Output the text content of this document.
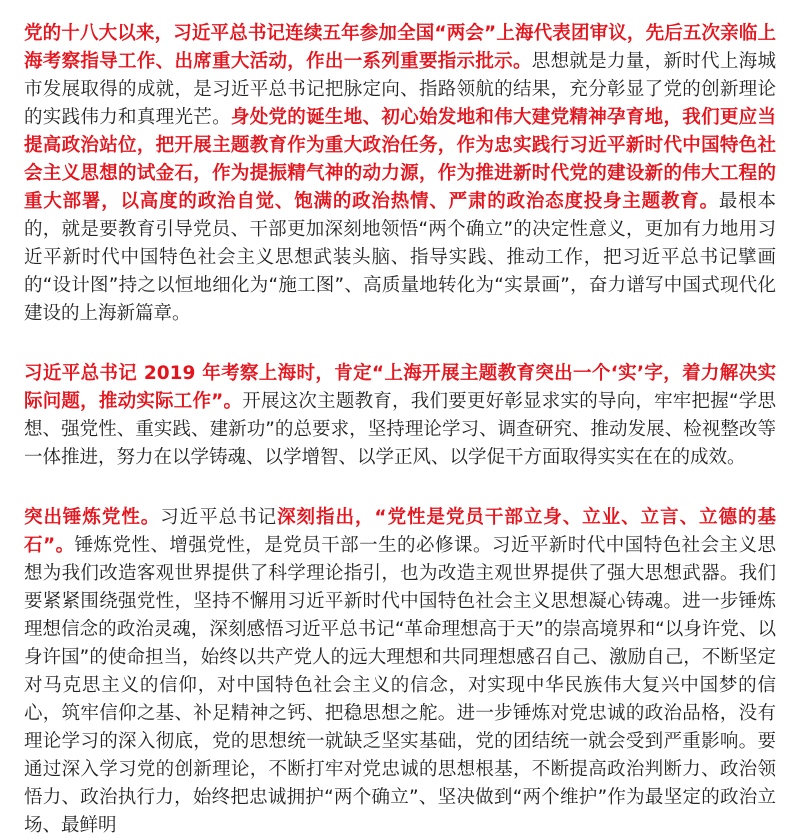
党的十八大以来，习近平总书记连续五年参加全国“两会”上海代表团审议，先后五次亲临上海考察指导工作、出席重大活动，作出一系列重要指示批示。思想就是力量，新时代上海城市发展取得的成就，是习近平总书记把脉定向、指路领航的结果，充分彰显了党的创新理论的实践伟力和真理光芒。身处党的诞生地、初心始发地和伟大建党精神孕育地，我们更应当提高政治站位，把开展主题教育作为重大政治任务，作为忠实践行习近平新时代中国特色社会主义思想的试金石，作为提振精气神的动力源，作为推进新时代党的建设新的伟大工程的重大部署，以高度的政治自觉、饱满的政治热情、严肃的政治态度投身主题教育。最根本的，就是要教育引导党员、干部更加深刻地领悟“两个确立”的决定性意义，更加有力地用习近平新时代中国特色社会主义思想武装头脑、指导实践、推动工作，把习近平总书记擘画的“设计图”持之以恒地细化为“施工图”、高质量地转化为“实景画”，奋力谱写中国式现代化建设的上海新篇章。

习近平总书记 2019 年考察上海时，肯定“上海开展主题教育突出一个‘实’字，着力解决实际问题，推动实际工作”。开展这次主题教育，我们要更好彰显求实的导向，牢牢把握“学思想、强党性、重实践、建新功”的总要求，坚持理论学习、调查研究、推动发展、检视整改等一体推进，努力在以学铸魂、以学增智、以学正风、以学促干方面取得实实在在的成效。

突出锤炼党性。习近平总书记深刻指出，“党性是党员干部立身、立业、立言、立德的基石”。锤炼党性、增强党性，是党员干部一生的必修课。习近平新时代中国特色社会主义思想为我们改造客观世界提供了科学理论指引，也为改造主观世界提供了强大思想武器。我们要紧紧围绕强党性，坚持不懈用习近平新时代中国特色社会主义思想凝心铸魂。进一步锤炼理想信念的政治灵魂，深刻感悟习近平总书记“革命理想高于天”的崇高境界和“以身许党、以身许国”的使命担当，始终以共产党人的远大理想和共同理想感召自己、激励自己，不断坚定对马克思主义的信仰，对中国特色社会主义的信念，对实现中华民族伟大复兴中国梦的信心，筑牢信仰之基、补足精神之钙、把稳思想之舵。进一步锤炼对党忠诚的政治品格，没有理论学习的深入彻底，党的思想统一就缺乏坚实基础，党的团结统一就会受到严重影响。要通过深入学习党的创新理论，不断打牢对党忠诚的思想根基，不断提高政治判断力、政治领悟力、政治执行力，始终把忠诚拥护“两个确立”、坚决做到“两个维护”作为最坚定的政治立场、最鲜明
